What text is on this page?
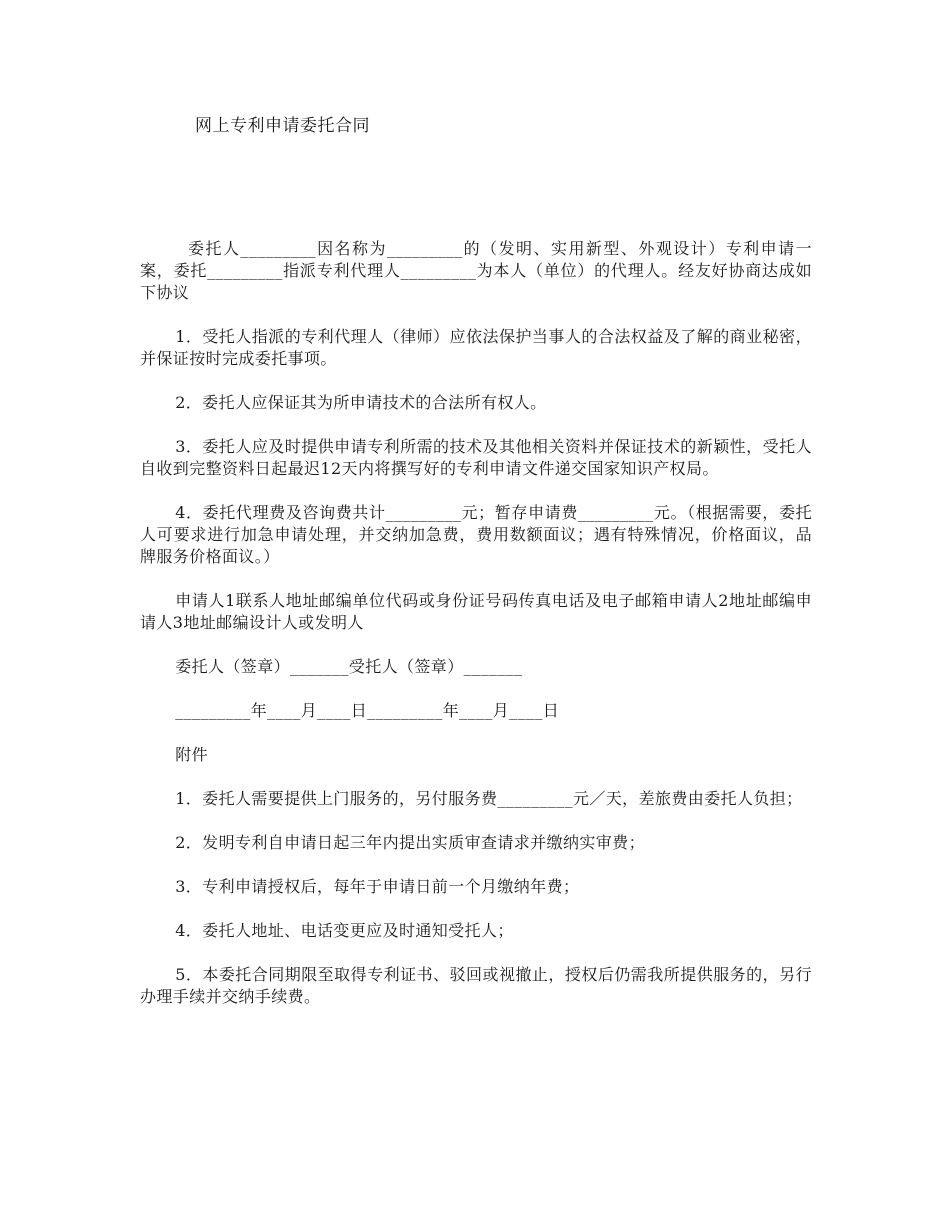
网上专利申请委托合同

委托人_________因名称为_________的（发明、实用新型、外观设计）专利申请一案，委托_________指派专利代理人_________为本人（单位）的代理人。经友好协商达成如下协议

1．受托人指派的专利代理人（律师）应依法保护当事人的合法权益及了解的商业秘密，并保证按时完成委托事项。

2．委托人应保证其为所申请技术的合法所有权人。

3．委托人应及时提供申请专利所需的技术及其他相关资料并保证技术的新颖性，受托人自收到完整资料日起最迟12天内将撰写好的专利申请文件递交国家知识产权局。

4．委托代理费及咨询费共计_________元；暂存申请费_________元。（根据需要，委托人可要求进行加急申请处理，并交纳加急费，费用数额面议；遇有特殊情况，价格面议，品牌服务价格面议。）

申请人1联系人地址邮编单位代码或身份证号码传真电话及电子邮箱申请人2地址邮编申请人3地址邮编设计人或发明人

委托人（签章）_______受托人（签章）_______

_________年____月____日_________年____月____日

附件

1．委托人需要提供上门服务的，另付服务费_________元／天，差旅费由委托人负担；

2．发明专利自申请日起三年内提出实质审查请求并缴纳实审费；

3．专利申请授权后，每年于申请日前一个月缴纳年费；

4．委托人地址、电话变更应及时通知受托人；

5．本委托合同期限至取得专利证书、驳回或视撤止，授权后仍需我所提供服务的，另行办理手续并交纳手续费。
